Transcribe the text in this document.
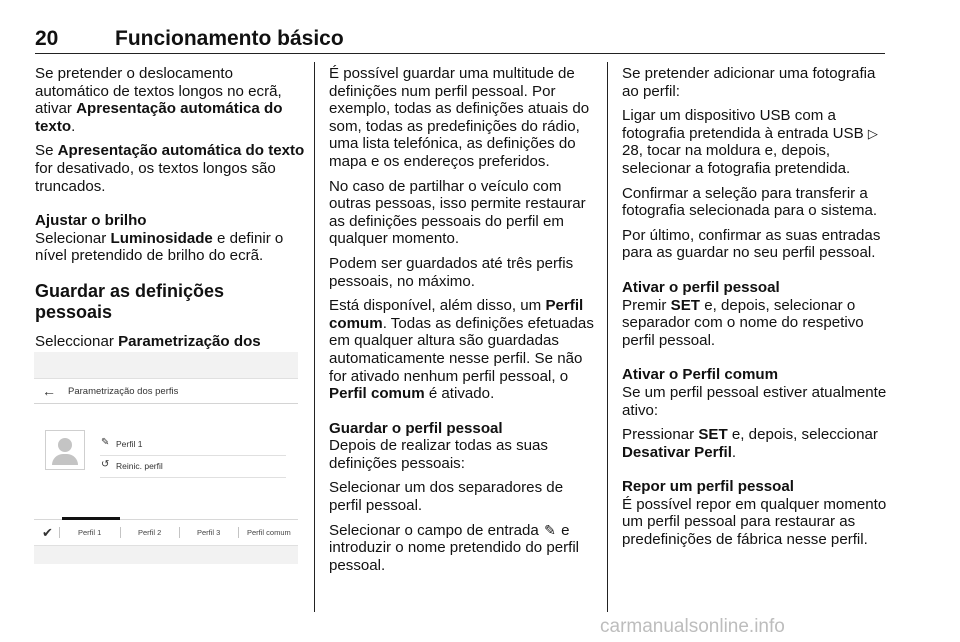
20	Funcionamento básico

Se pretender o deslocamento automático de textos longos no ecrã, ativar Apresentação automática do texto.

Se Apresentação automática do texto for desativado, os textos longos são truncados.

Ajustar o brilho

Selecionar Luminosidade e definir o nível pretendido de brilho do ecrã.

Guardar as definições pessoais

Seleccionar Parametrização dos

← Parametrização dos perfis
✎ Perfil 1
↺ Reinic. perfil
✔	Perfil 1	Perfil 2	Perfil 3	Perfil comum

É possível guardar uma multitude de definições num perfil pessoal. Por exemplo, todas as definições atuais do som, todas as predefinições do rádio, uma lista telefónica, as definições do mapa e os endereços preferidos.

No caso de partilhar o veículo com outras pessoas, isso permite restaurar as definições pessoais do perfil em qualquer momento.

Podem ser guardados até três perfis pessoais, no máximo.

Está disponível, além disso, um Perfil comum. Todas as definições efetuadas em qualquer altura são guardadas automaticamente nesse perfil. Se não for ativado nenhum perfil pessoal, o Perfil comum é ativado.

Guardar o perfil pessoal

Depois de realizar todas as suas definições pessoais:

Selecionar um dos separadores de perfil pessoal.

Selecionar o campo de entrada ✎ e introduzir o nome pretendido do perfil pessoal.

Se pretender adicionar uma fotografia ao perfil:

Ligar um dispositivo USB com a fotografia pretendida à entrada USB ▷ 28, tocar na moldura e, depois, selecionar a fotografia pretendida.

Confirmar a seleção para transferir a fotografia selecionada para o sistema.

Por último, confirmar as suas entradas para as guardar no seu perfil pessoal.

Ativar o perfil pessoal

Premir SET e, depois, selecionar o separador com o nome do respetivo perfil pessoal.

Ativar o Perfil comum

Se um perfil pessoal estiver atualmente ativo:

Pressionar SET e, depois, seleccionar Desativar Perfil.

Repor um perfil pessoal

É possível repor em qualquer momento um perfil pessoal para restaurar as predefinições de fábrica nesse perfil.

carmanualsonline.info
